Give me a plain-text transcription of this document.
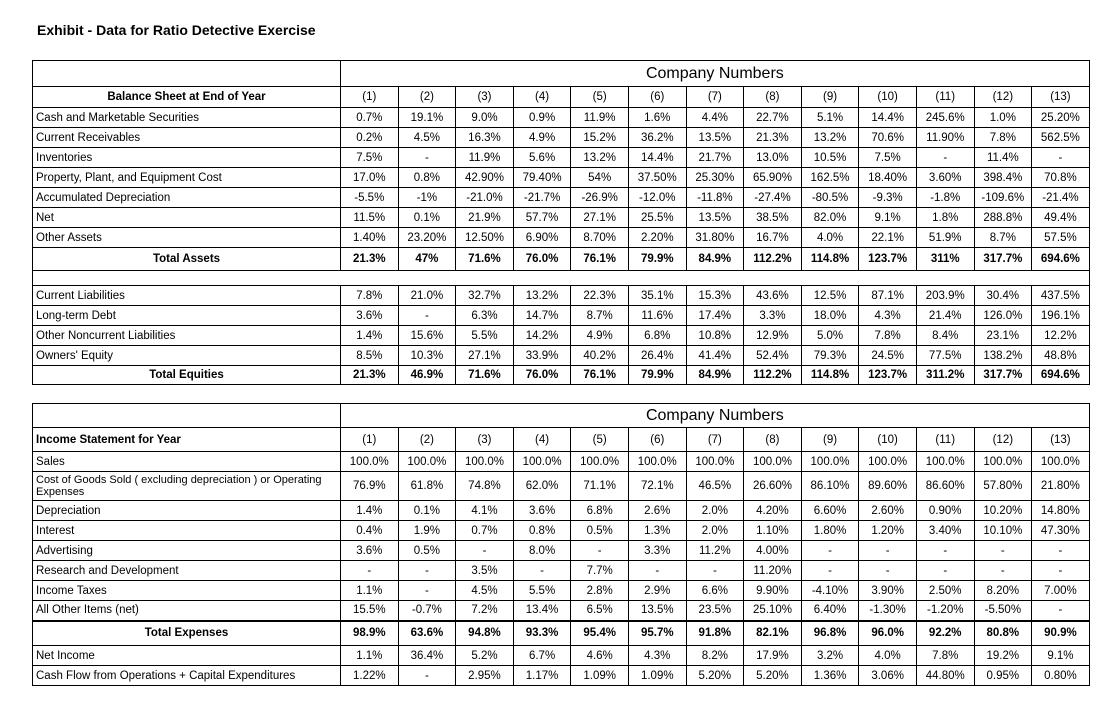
Exhibit - Data for Ratio Detective Exercise
	Company Numbers												
Balance Sheet at End of Year	(1)	(2)	(3)	(4)	(5)	(6)	(7)	(8)	(9)	(10)	(11)	(12)	(13)
Cash and Marketable Securities	0.7%	19.1%	9.0%	0.9%	11.9%	1.6%	4.4%	22.7%	5.1%	14.4%	245.6%	1.0%	25.20%
Current Receivables	0.2%	4.5%	16.3%	4.9%	15.2%	36.2%	13.5%	21.3%	13.2%	70.6%	11.90%	7.8%	562.5%
Inventories	7.5%	-	11.9%	5.6%	13.2%	14.4%	21.7%	13.0%	10.5%	7.5%	-	11.4%	-
Property, Plant, and Equipment Cost	17.0%	0.8%	42.90%	79.40%	54%	37.50%	25.30%	65.90%	162.5%	18.40%	3.60%	398.4%	70.8%
Accumulated Depreciation	-5.5%	-1%	-21.0%	-21.7%	-26.9%	-12.0%	-11.8%	-27.4%	-80.5%	-9.3%	-1.8%	-109.6%	-21.4%
Net	11.5%	0.1%	21.9%	57.7%	27.1%	25.5%	13.5%	38.5%	82.0%	9.1%	1.8%	288.8%	49.4%
Other Assets	1.40%	23.20%	12.50%	6.90%	8.70%	2.20%	31.80%	16.7%	4.0%	22.1%	51.9%	8.7%	57.5%
Total Assets	21.3%	47%	71.6%	76.0%	76.1%	79.9%	84.9%	112.2%	114.8%	123.7%	311%	317.7%	694.6%

Current Liabilities	7.8%	21.0%	32.7%	13.2%	22.3%	35.1%	15.3%	43.6%	12.5%	87.1%	203.9%	30.4%	437.5%
Long-term Debt	3.6%	-	6.3%	14.7%	8.7%	11.6%	17.4%	3.3%	18.0%	4.3%	21.4%	126.0%	196.1%
Other Noncurrent Liabilities	1.4%	15.6%	5.5%	14.2%	4.9%	6.8%	10.8%	12.9%	5.0%	7.8%	8.4%	23.1%	12.2%
Owners' Equity	8.5%	10.3%	27.1%	33.9%	40.2%	26.4%	41.4%	52.4%	79.3%	24.5%	77.5%	138.2%	48.8%
Total Equities	21.3%	46.9%	71.6%	76.0%	76.1%	79.9%	84.9%	112.2%	114.8%	123.7%	311.2%	317.7%	694.6%
	Company Numbers												
Income Statement for Year	(1)	(2)	(3)	(4)	(5)	(6)	(7)	(8)	(9)	(10)	(11)	(12)	(13)
Sales	100.0%	100.0%	100.0%	100.0%	100.0%	100.0%	100.0%	100.0%	100.0%	100.0%	100.0%	100.0%	100.0%
Cost of Goods Sold ( excluding depreciation ) or Operating Expenses	76.9%	61.8%	74.8%	62.0%	71.1%	72.1%	46.5%	26.60%	86.10%	89.60%	86.60%	57.80%	21.80%
Depreciation	1.4%	0.1%	4.1%	3.6%	6.8%	2.6%	2.0%	4.20%	6.60%	2.60%	0.90%	10.20%	14.80%
Interest	0.4%	1.9%	0.7%	0.8%	0.5%	1.3%	2.0%	1.10%	1.80%	1.20%	3.40%	10.10%	47.30%
Advertising	3.6%	0.5%	-	8.0%	-	3.3%	11.2%	4.00%	-	-	-	-	-
Research and Development	-	-	3.5%	-	7.7%	-	-	11.20%	-	-	-	-	-
Income Taxes	1.1%	-	4.5%	5.5%	2.8%	2.9%	6.6%	9.90%	-4.10%	3.90%	2.50%	8.20%	7.00%
All Other Items (net)	15.5%	-0.7%	7.2%	13.4%	6.5%	13.5%	23.5%	25.10%	6.40%	-1.30%	-1.20%	-5.50%	-
Total Expenses	98.9%	63.6%	94.8%	93.3%	95.4%	95.7%	91.8%	82.1%	96.8%	96.0%	92.2%	80.8%	90.9%
Net Income	1.1%	36.4%	5.2%	6.7%	4.6%	4.3%	8.2%	17.9%	3.2%	4.0%	7.8%	19.2%	9.1%
Cash Flow from Operations + Capital Expenditures	1.22%	-	2.95%	1.17%	1.09%	1.09%	5.20%	5.20%	1.36%	3.06%	44.80%	0.95%	0.80%
